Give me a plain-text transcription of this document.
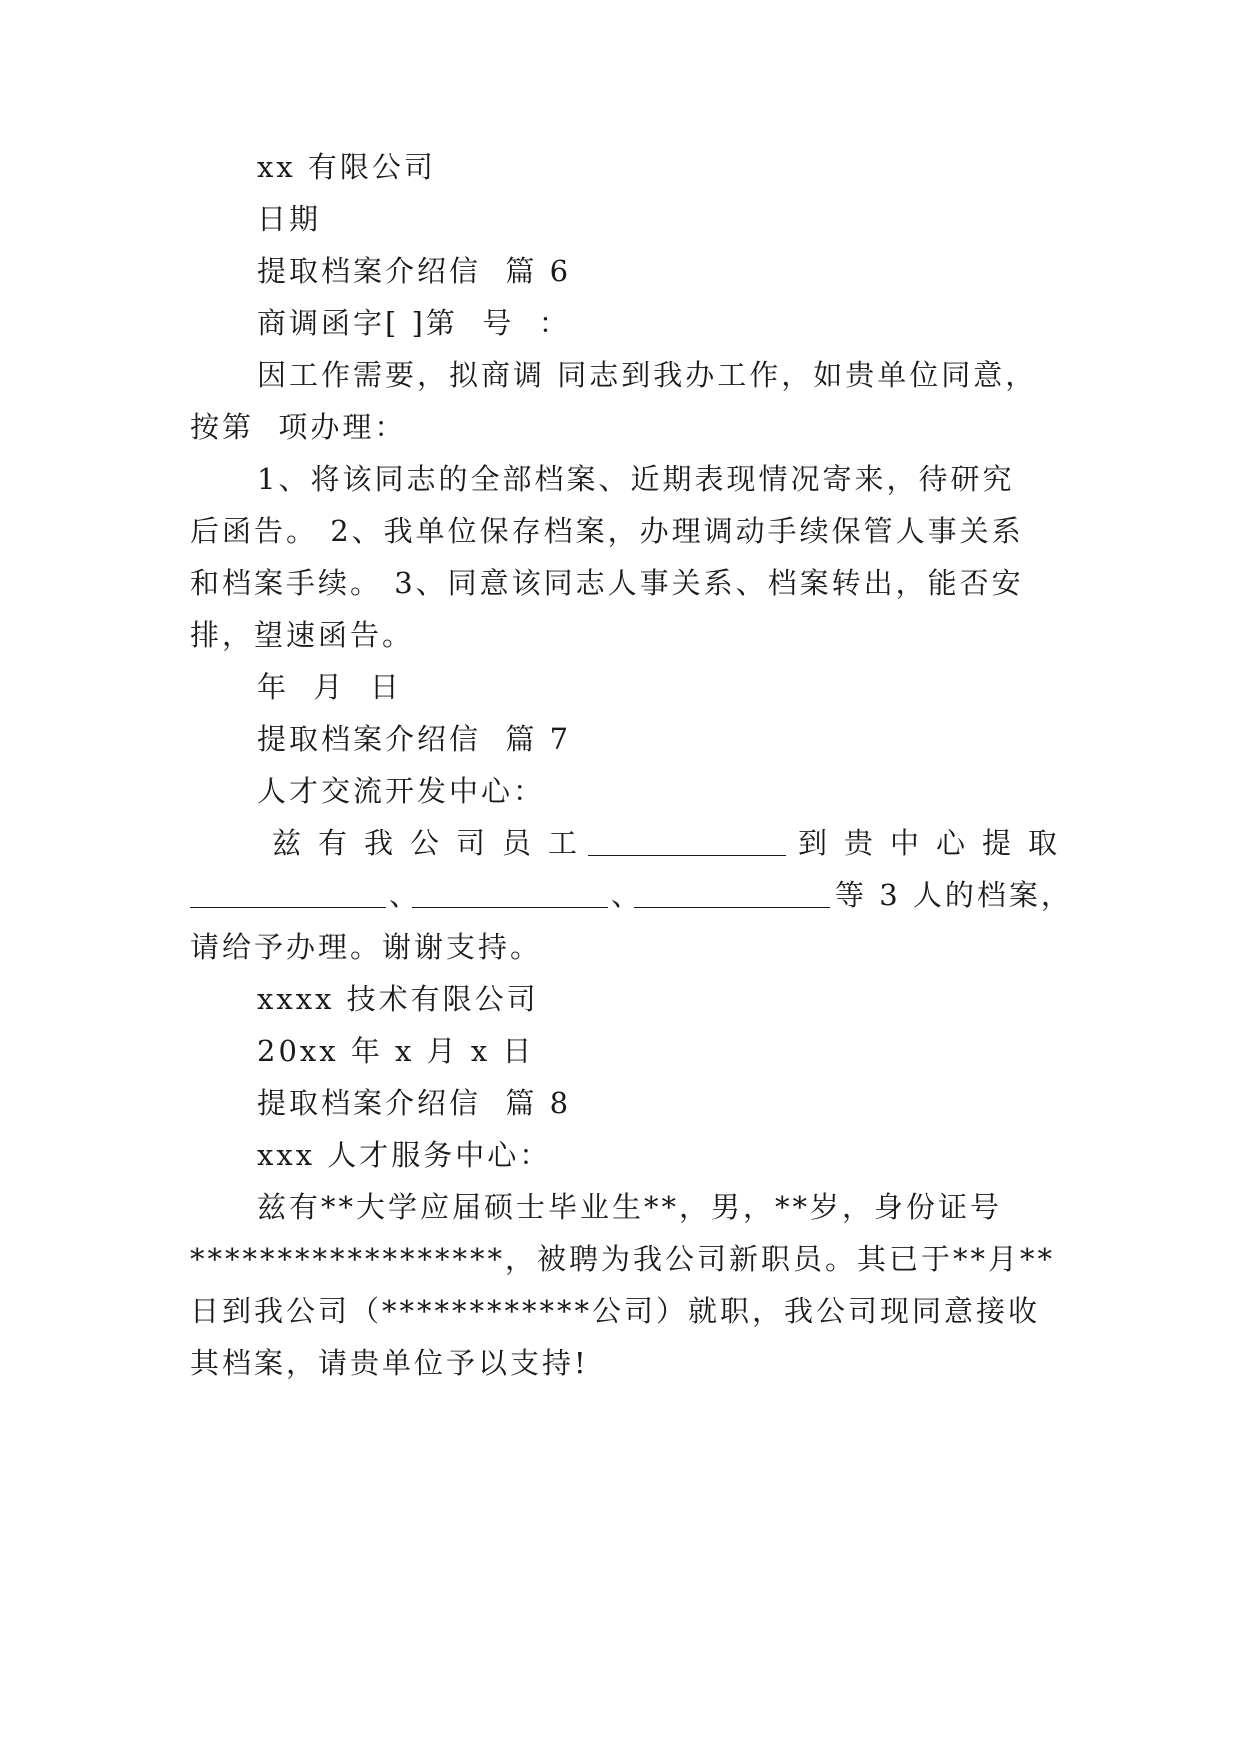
xx 有限公司
日期
提取档案介绍信  篇 6
商调函字[ ]第  号  ：
因工作需要，拟商调 同志到我办工作，如贵单位同意，
按第  项办理：
1、将该同志的全部档案、近期表现情况寄来，待研究
后函告。 2、我单位保存档案，办理调动手续保管人事关系
和档案手续。 3、同意该同志人事关系、档案转出，能否安
排，望速函告。
年  月  日
提取档案介绍信  篇 7
人才交流开发中心：
兹有我公司员工	到贵中心提取
、	、	等 3 人的档案，
请给予办理。谢谢支持。
xxxx 技术有限公司
20xx 年 x 月 x 日
提取档案介绍信  篇 8
xxx 人才服务中心：
兹有**大学应届硕士毕业生**，男，**岁，身份证号
******************，被聘为我公司新职员。其已于**月**
日到我公司（************公司）就职，我公司现同意接收
其档案，请贵单位予以支持!
